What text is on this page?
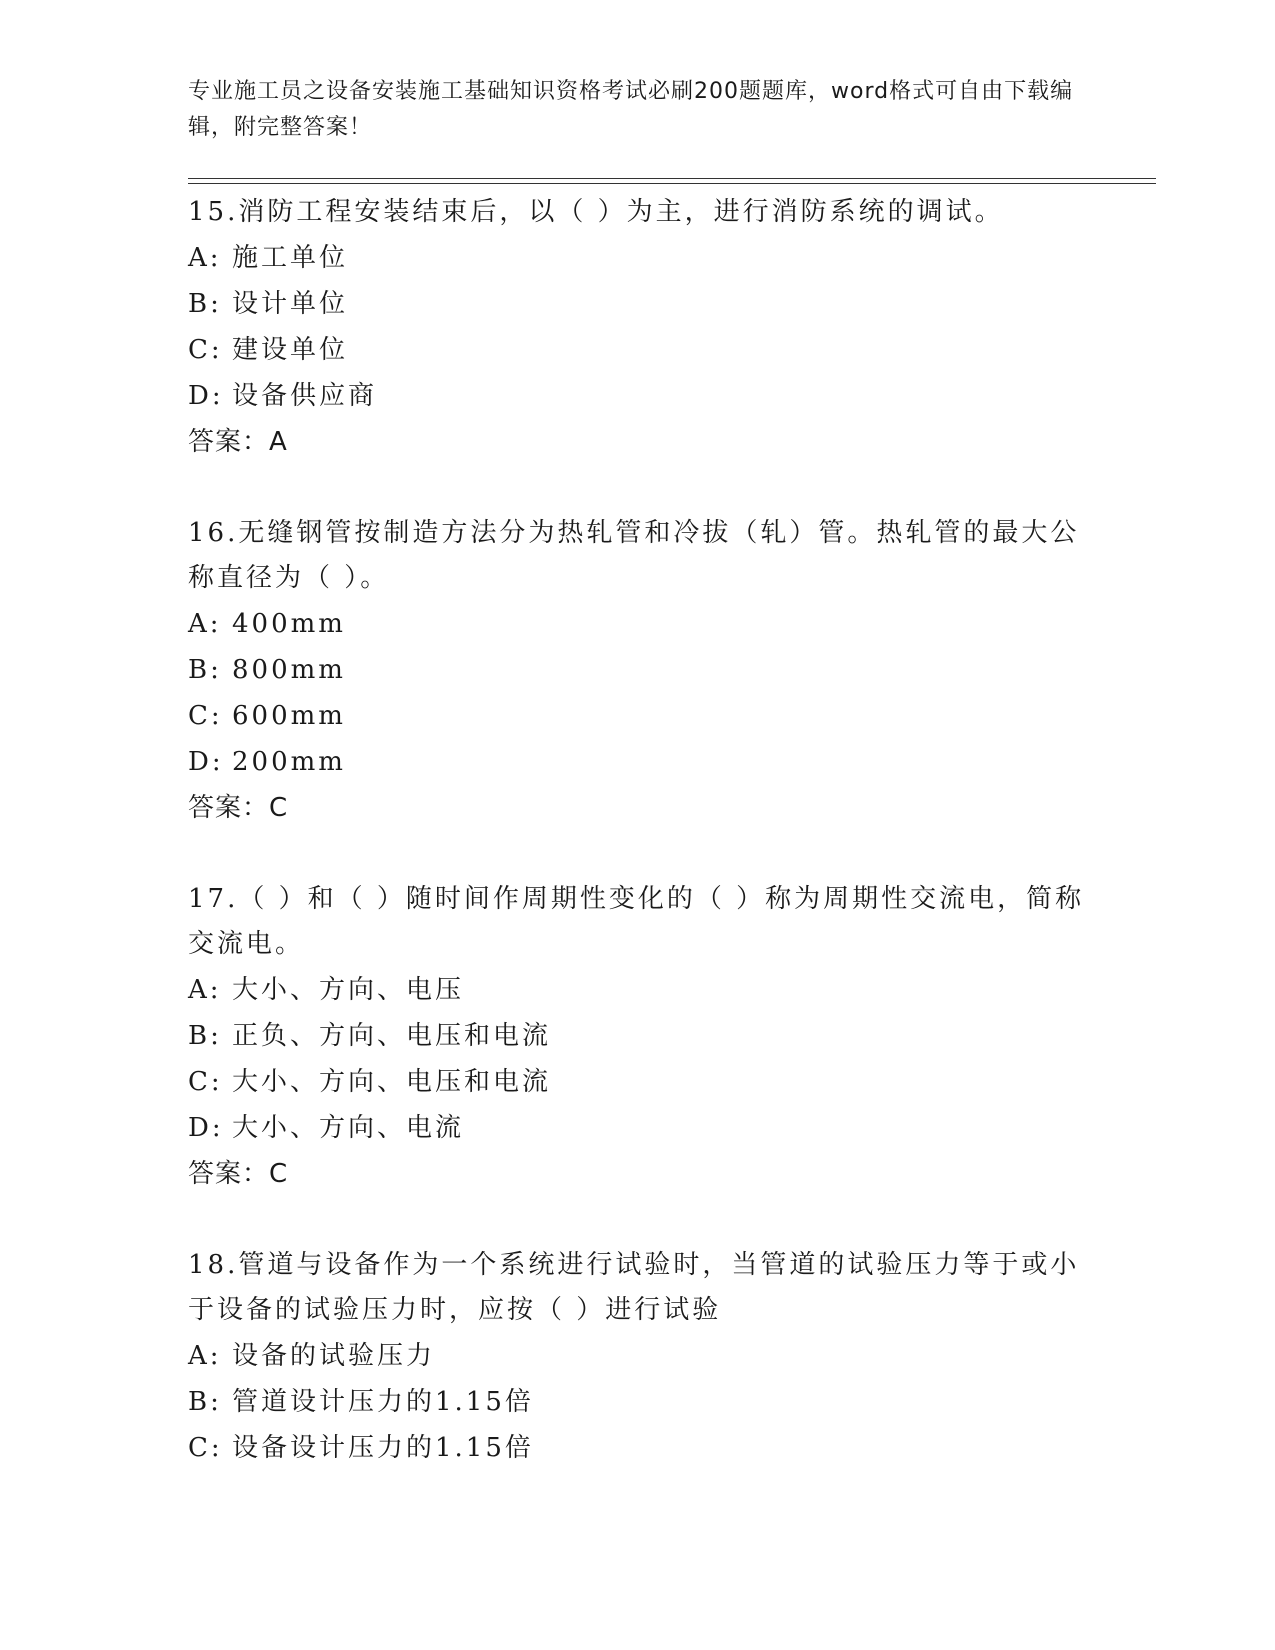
专业施工员之设备安装施工基础知识资格考试必刷200题题库，word格式可自由下载编辑，附完整答案！

15.消防工程安装结束后，以（ ）为主，进行消防系统的调试。

A: 施工单位
B: 设计单位
C: 建设单位
D: 设备供应商

答案：A

16.无缝钢管按制造方法分为热轧管和冷拔（轧）管。热轧管的最大公称直径为（ ）。

A: 400mm
B: 800mm
C: 600mm
D: 200mm

答案：C

17.（ ）和（ ）随时间作周期性变化的（ ）称为周期性交流电，简称交流电。

A: 大小、方向、电压
B: 正负、方向、电压和电流
C: 大小、方向、电压和电流
D: 大小、方向、电流

答案：C

18.管道与设备作为一个系统进行试验时，当管道的试验压力等于或小于设备的试验压力时，应按（ ）进行试验

A: 设备的试验压力
B: 管道设计压力的1.15倍
C: 设备设计压力的1.15倍
